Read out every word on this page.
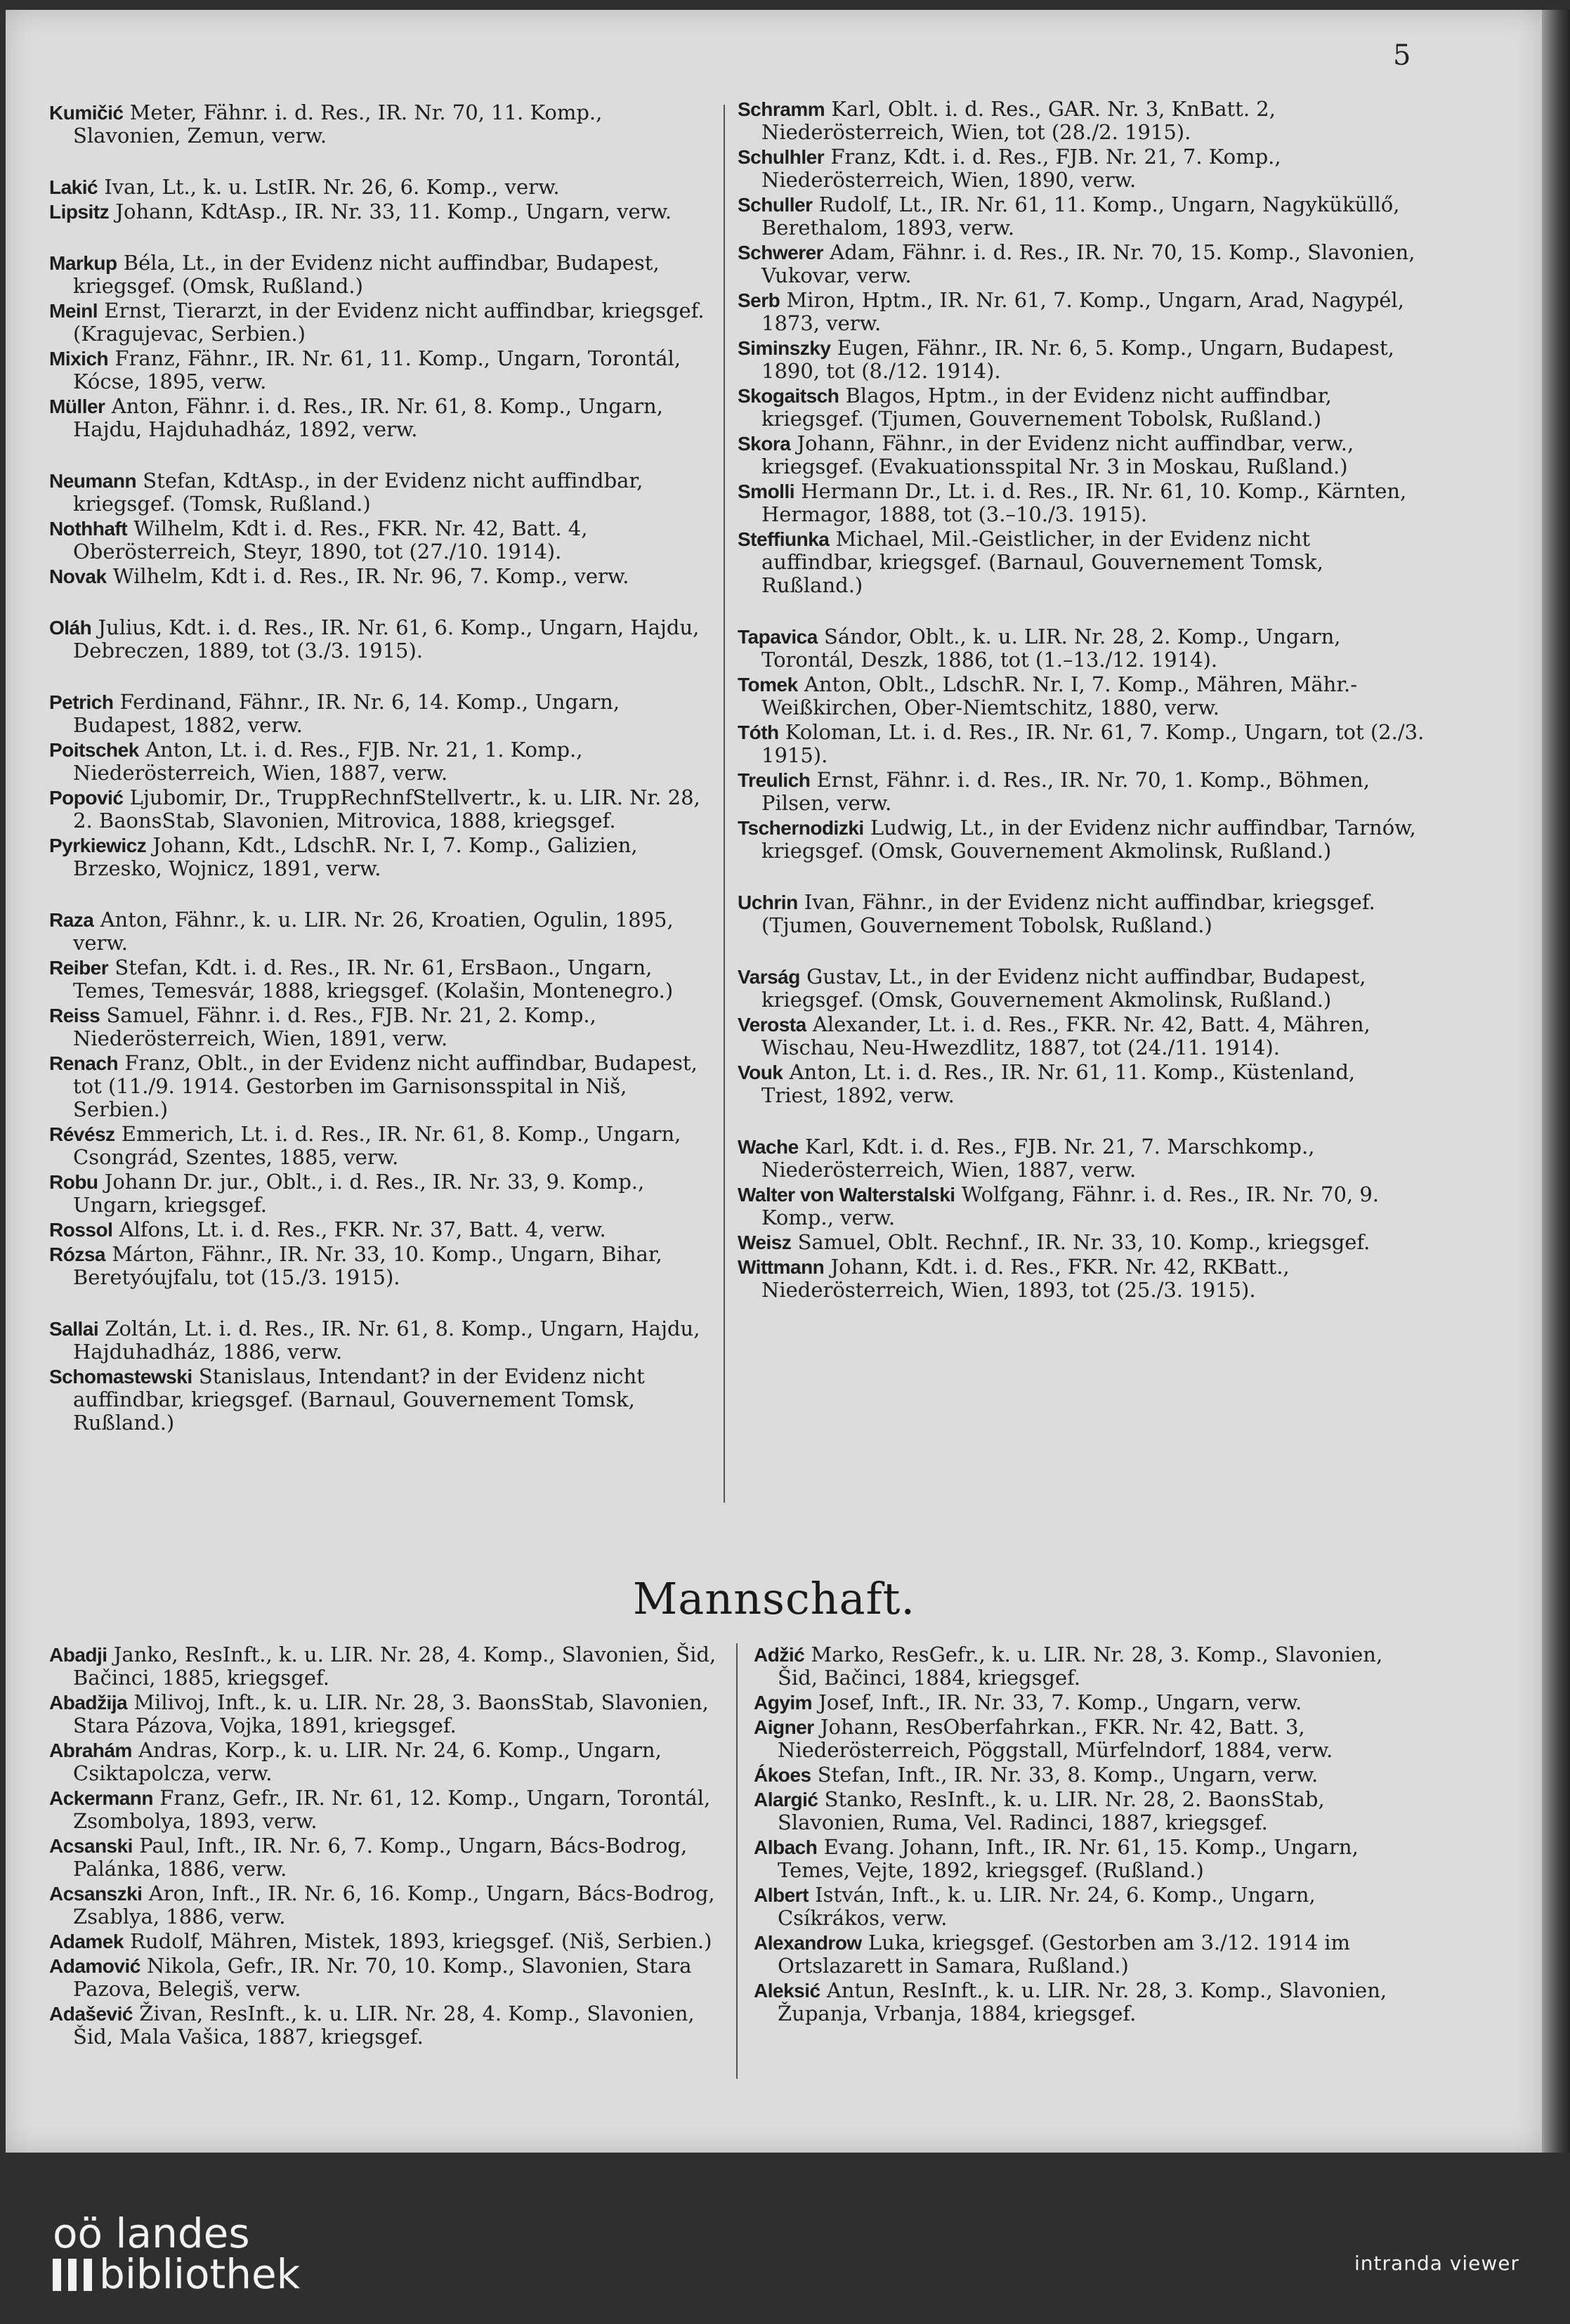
5
Kumičić Meter, Fähnr. i. d. Res., IR. Nr. 70, 11. Komp., Slavonien, Zemun, verw.
Lakić Ivan, Lt., k. u. LstIR. Nr. 26, 6. Komp., verw.
Lipsitz Johann, KdtAsp., IR. Nr. 33, 11. Komp., Ungarn, verw.
Markup Béla, Lt., in der Evidenz nicht auffindbar, Budapest, kriegsgef. (Omsk, Rußland.)
Meinl Ernst, Tierarzt, in der Evidenz nicht auffindbar, kriegsgef. (Kragujevac, Serbien.)
Mixich Franz, Fähnr., IR. Nr. 61, 11. Komp., Ungarn, Torontál, Kócse, 1895, verw.
Müller Anton, Fähnr. i. d. Res., IR. Nr. 61, 8. Komp., Ungarn, Hajdu, Hajduhadház, 1892, verw.
Neumann Stefan, KdtAsp., in der Evidenz nicht auffindbar, kriegsgef. (Tomsk, Rußland.)
Nothhaft Wilhelm, Kdt i. d. Res., FKR. Nr. 42, Batt. 4, Oberösterreich, Steyr, 1890, tot (27./10. 1914).
Novak Wilhelm, Kdt i. d. Res., IR. Nr. 96, 7. Komp., verw.
Oláh Julius, Kdt. i. d. Res., IR. Nr. 61, 6. Komp., Ungarn, Hajdu, Debreczen, 1889, tot (3./3. 1915).
Petrich Ferdinand, Fähnr., IR. Nr. 6, 14. Komp., Ungarn, Budapest, 1882, verw.
Poitschek Anton, Lt. i. d. Res., FJB. Nr. 21, 1. Komp., Niederösterreich, Wien, 1887, verw.
Popović Ljubomir, Dr., TruppRechnfStellvertr., k. u. LIR. Nr. 28, 2. BaonsStab, Slavonien, Mitrovica, 1888, kriegsgef.
Pyrkiewicz Johann, Kdt., LdschR. Nr. I, 7. Komp., Galizien, Brzesko, Wojnicz, 1891, verw.
Raza Anton, Fähnr., k. u. LIR. Nr. 26, Kroatien, Ogulin, 1895, verw.
Reiber Stefan, Kdt. i. d. Res., IR. Nr. 61, ErsBaon., Ungarn, Temes, Temesvár, 1888, kriegsgef. (Kolašin, Montenegro.)
Reiss Samuel, Fähnr. i. d. Res., FJB. Nr. 21, 2. Komp., Niederösterreich, Wien, 1891, verw.
Renach Franz, Oblt., in der Evidenz nicht auffindbar, Budapest, tot (11./9. 1914. Gestorben im Garnisonsspital in Niš, Serbien.)
Révész Emmerich, Lt. i. d. Res., IR. Nr. 61, 8. Komp., Ungarn, Csongrád, Szentes, 1885, verw.
Robu Johann Dr. jur., Oblt., i. d. Res., IR. Nr. 33, 9. Komp., Ungarn, kriegsgef.
Rossol Alfons, Lt. i. d. Res., FKR. Nr. 37, Batt. 4, verw.
Rózsa Márton, Fähnr., IR. Nr. 33, 10. Komp., Ungarn, Bihar, Beretyóujfalu, tot (15./3. 1915).
Sallai Zoltán, Lt. i. d. Res., IR. Nr. 61, 8. Komp., Ungarn, Hajdu, Hajduhadház, 1886, verw.
Schomastewski Stanislaus, Intendant? in der Evidenz nicht auffindbar, kriegsgef. (Barnaul, Gouvernement Tomsk, Rußland.)
Schramm Karl, Oblt. i. d. Res., GAR. Nr. 3, KnBatt. 2, Niederösterreich, Wien, tot (28./2. 1915).
Schulhler Franz, Kdt. i. d. Res., FJB. Nr. 21, 7. Komp., Niederösterreich, Wien, 1890, verw.
Schuller Rudolf, Lt., IR. Nr. 61, 11. Komp., Ungarn, Nagyküküllő, Berethalom, 1893, verw.
Schwerer Adam, Fähnr. i. d. Res., IR. Nr. 70, 15. Komp., Slavonien, Vukovar, verw.
Serb Miron, Hptm., IR. Nr. 61, 7. Komp., Ungarn, Arad, Nagypél, 1873, verw.
Siminszky Eugen, Fähnr., IR. Nr. 6, 5. Komp., Ungarn, Budapest, 1890, tot (8./12. 1914).
Skogaitsch Blagos, Hptm., in der Evidenz nicht auffindbar, kriegsgef. (Tjumen, Gouvernement Tobolsk, Rußland.)
Skora Johann, Fähnr., in der Evidenz nicht auffindbar, verw., kriegsgef. (Evakuationsspital Nr. 3 in Moskau, Rußland.)
Smolli Hermann Dr., Lt. i. d. Res., IR. Nr. 61, 10. Komp., Kärnten, Hermagor, 1888, tot (3.–10./3. 1915).
Steffiunka Michael, Mil.-Geistlicher, in der Evidenz nicht auffindbar, kriegsgef. (Barnaul, Gouvernement Tomsk, Rußland.)
Tapavica Sándor, Oblt., k. u. LIR. Nr. 28, 2. Komp., Ungarn, Torontál, Deszk, 1886, tot (1.–13./12. 1914).
Tomek Anton, Oblt., LdschR. Nr. I, 7. Komp., Mähren, Mähr.-Weißkirchen, Ober-Niemtschitz, 1880, verw.
Tóth Koloman, Lt. i. d. Res., IR. Nr. 61, 7. Komp., Ungarn, tot (2./3. 1915).
Treulich Ernst, Fähnr. i. d. Res., IR. Nr. 70, 1. Komp., Böhmen, Pilsen, verw.
Tschernodizki Ludwig, Lt., in der Evidenz nichr auffindbar, Tarnów, kriegsgef. (Omsk, Gouvernement Akmolinsk, Rußland.)
Uchrin Ivan, Fähnr., in der Evidenz nicht auffindbar, kriegsgef. (Tjumen, Gouvernement Tobolsk, Rußland.)
Varság Gustav, Lt., in der Evidenz nicht auffindbar, Budapest, kriegsgef. (Omsk, Gouvernement Akmolinsk, Rußland.)
Verosta Alexander, Lt. i. d. Res., FKR. Nr. 42, Batt. 4, Mähren, Wischau, Neu-Hwezdlitz, 1887, tot (24./11. 1914).
Vouk Anton, Lt. i. d. Res., IR. Nr. 61, 11. Komp., Küstenland, Triest, 1892, verw.
Wache Karl, Kdt. i. d. Res., FJB. Nr. 21, 7. Marschkomp., Niederösterreich, Wien, 1887, verw.
Walter von Walterstalski Wolfgang, Fähnr. i. d. Res., IR. Nr. 70, 9. Komp., verw.
Weisz Samuel, Oblt. Rechnf., IR. Nr. 33, 10. Komp., kriegsgef.
Wittmann Johann, Kdt. i. d. Res., FKR. Nr. 42, RKBatt., Niederösterreich, Wien, 1893, tot (25./3. 1915).
Mannschaft.
Abadji Janko, ResInft., k. u. LIR. Nr. 28, 4. Komp., Slavonien, Šid, Bačinci, 1885, kriegsgef.
Abadžija Milivoj, Inft., k. u. LIR. Nr. 28, 3. BaonsStab, Slavonien, Stara Pázova, Vojka, 1891, kriegsgef.
Abrahám Andras, Korp., k. u. LIR. Nr. 24, 6. Komp., Ungarn, Csiktapolcza, verw.
Ackermann Franz, Gefr., IR. Nr. 61, 12. Komp., Ungarn, Torontál, Zsombolya, 1893, verw.
Acsanski Paul, Inft., IR. Nr. 6, 7. Komp., Ungarn, Bács-Bodrog, Palánka, 1886, verw.
Acsanszki Aron, Inft., IR. Nr. 6, 16. Komp., Ungarn, Bács-Bodrog, Zsablya, 1886, verw.
Adamek Rudolf, Mähren, Mistek, 1893, kriegsgef. (Niš, Serbien.)
Adamović Nikola, Gefr., IR. Nr. 70, 10. Komp., Slavonien, Stara Pazova, Belegiš, verw.
Adašević Živan, ResInft., k. u. LIR. Nr. 28, 4. Komp., Slavonien, Šid, Mala Vašica, 1887, kriegsgef.
Adžić Marko, ResGefr., k. u. LIR. Nr. 28, 3. Komp., Slavonien, Šid, Bačinci, 1884, kriegsgef.
Agyim Josef, Inft., IR. Nr. 33, 7. Komp., Ungarn, verw.
Aigner Johann, ResOberfahrkan., FKR. Nr. 42, Batt. 3, Niederösterreich, Pöggstall, Mürfelndorf, 1884, verw.
Ákoes Stefan, Inft., IR. Nr. 33, 8. Komp., Ungarn, verw.
Alargić Stanko, ResInft., k. u. LIR. Nr. 28, 2. BaonsStab, Slavonien, Ruma, Vel. Radinci, 1887, kriegsgef.
Albach Evang. Johann, Inft., IR. Nr. 61, 15. Komp., Ungarn, Temes, Vejte, 1892, kriegsgef. (Rußland.)
Albert István, Inft., k. u. LIR. Nr. 24, 6. Komp., Ungarn, Csíkrákos, verw.
Alexandrow Luka, kriegsgef. (Gestorben am 3./12. 1914 im Ortslazarett in Samara, Rußland.)
Aleksić Antun, ResInft., k. u. LIR. Nr. 28, 3. Komp., Slavonien, Županja, Vrbanja, 1884, kriegsgef.
oö landes
bibliothek	intranda viewer
